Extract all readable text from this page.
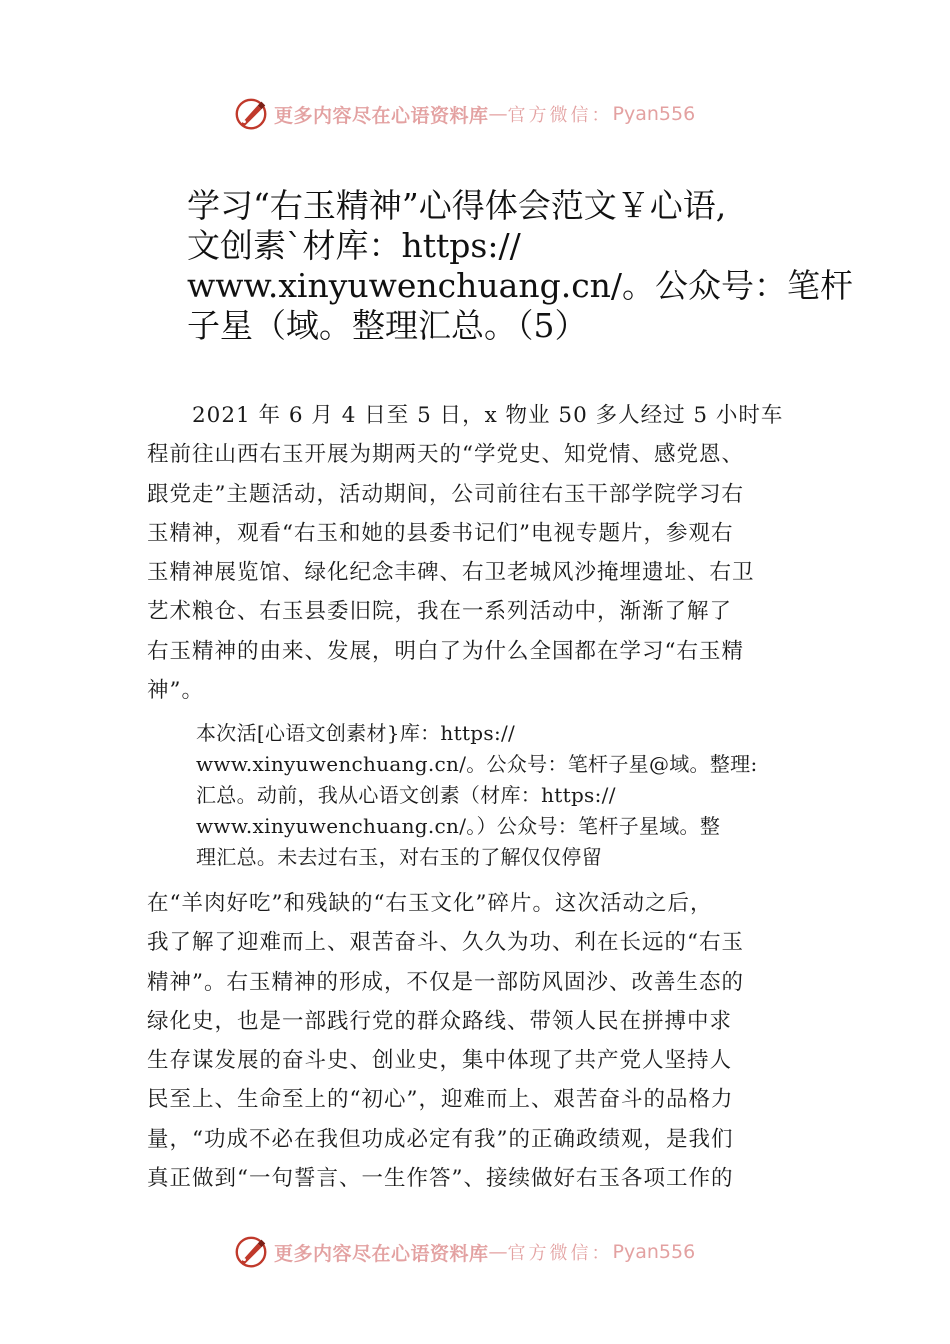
更多内容尽在心语资料库 — 官方微信： Pyan556
学习“右玉精神”心得体会范文￥心语,
文创素`材库：https://
www.xinyuwenchuang.cn/。公众号：笔杆
子星（域。整理汇总。（5）

　　2021 年 6 月 4 日至 5 日，x 物业 50 多人经过 5 小时车
程前往山西右玉开展为期两天的“学党史、知党情、感党恩、
跟党走”主题活动，活动期间，公司前往右玉干部学院学习右
玉精神，观看“右玉和她的县委书记们”电视专题片，参观右
玉精神展览馆、绿化纪念丰碑、右卫老城风沙掩埋遗址、右卫
艺术粮仓、右玉县委旧院，我在一系列活动中，渐渐了解了
右玉精神的由来、发展，明白了为什么全国都在学习“右玉精
神”。

本次活[心语文创素材}库：https://
www.xinyuwenchuang.cn/。公众号：笔杆子星@域。整理:
汇总。动前，我从心语文创素（材库：https://
www.xinyuwenchuang.cn/。）公众号：笔杆子星域。整
理汇总。未去过右玉，对右玉的了解仅仅停留

在“羊肉好吃”和残缺的“右玉文化”碎片。这次活动之后，
我了解了迎难而上、艰苦奋斗、久久为功、利在长远的“右玉
精神”。右玉精神的形成，不仅是一部防风固沙、改善生态的
绿化史，也是一部践行党的群众路线、带领人民在拼搏中求
生存谋发展的奋斗史、创业史，集中体现了共产党人坚持人
民至上、生命至上的“初心”，迎难而上、艰苦奋斗的品格力
量，“功成不必在我但功成必定有我”的正确政绩观，是我们
真正做到“一句誓言、一生作答”、接续做好右玉各项工作的

更多内容尽在心语资料库 — 官方微信： Pyan556
